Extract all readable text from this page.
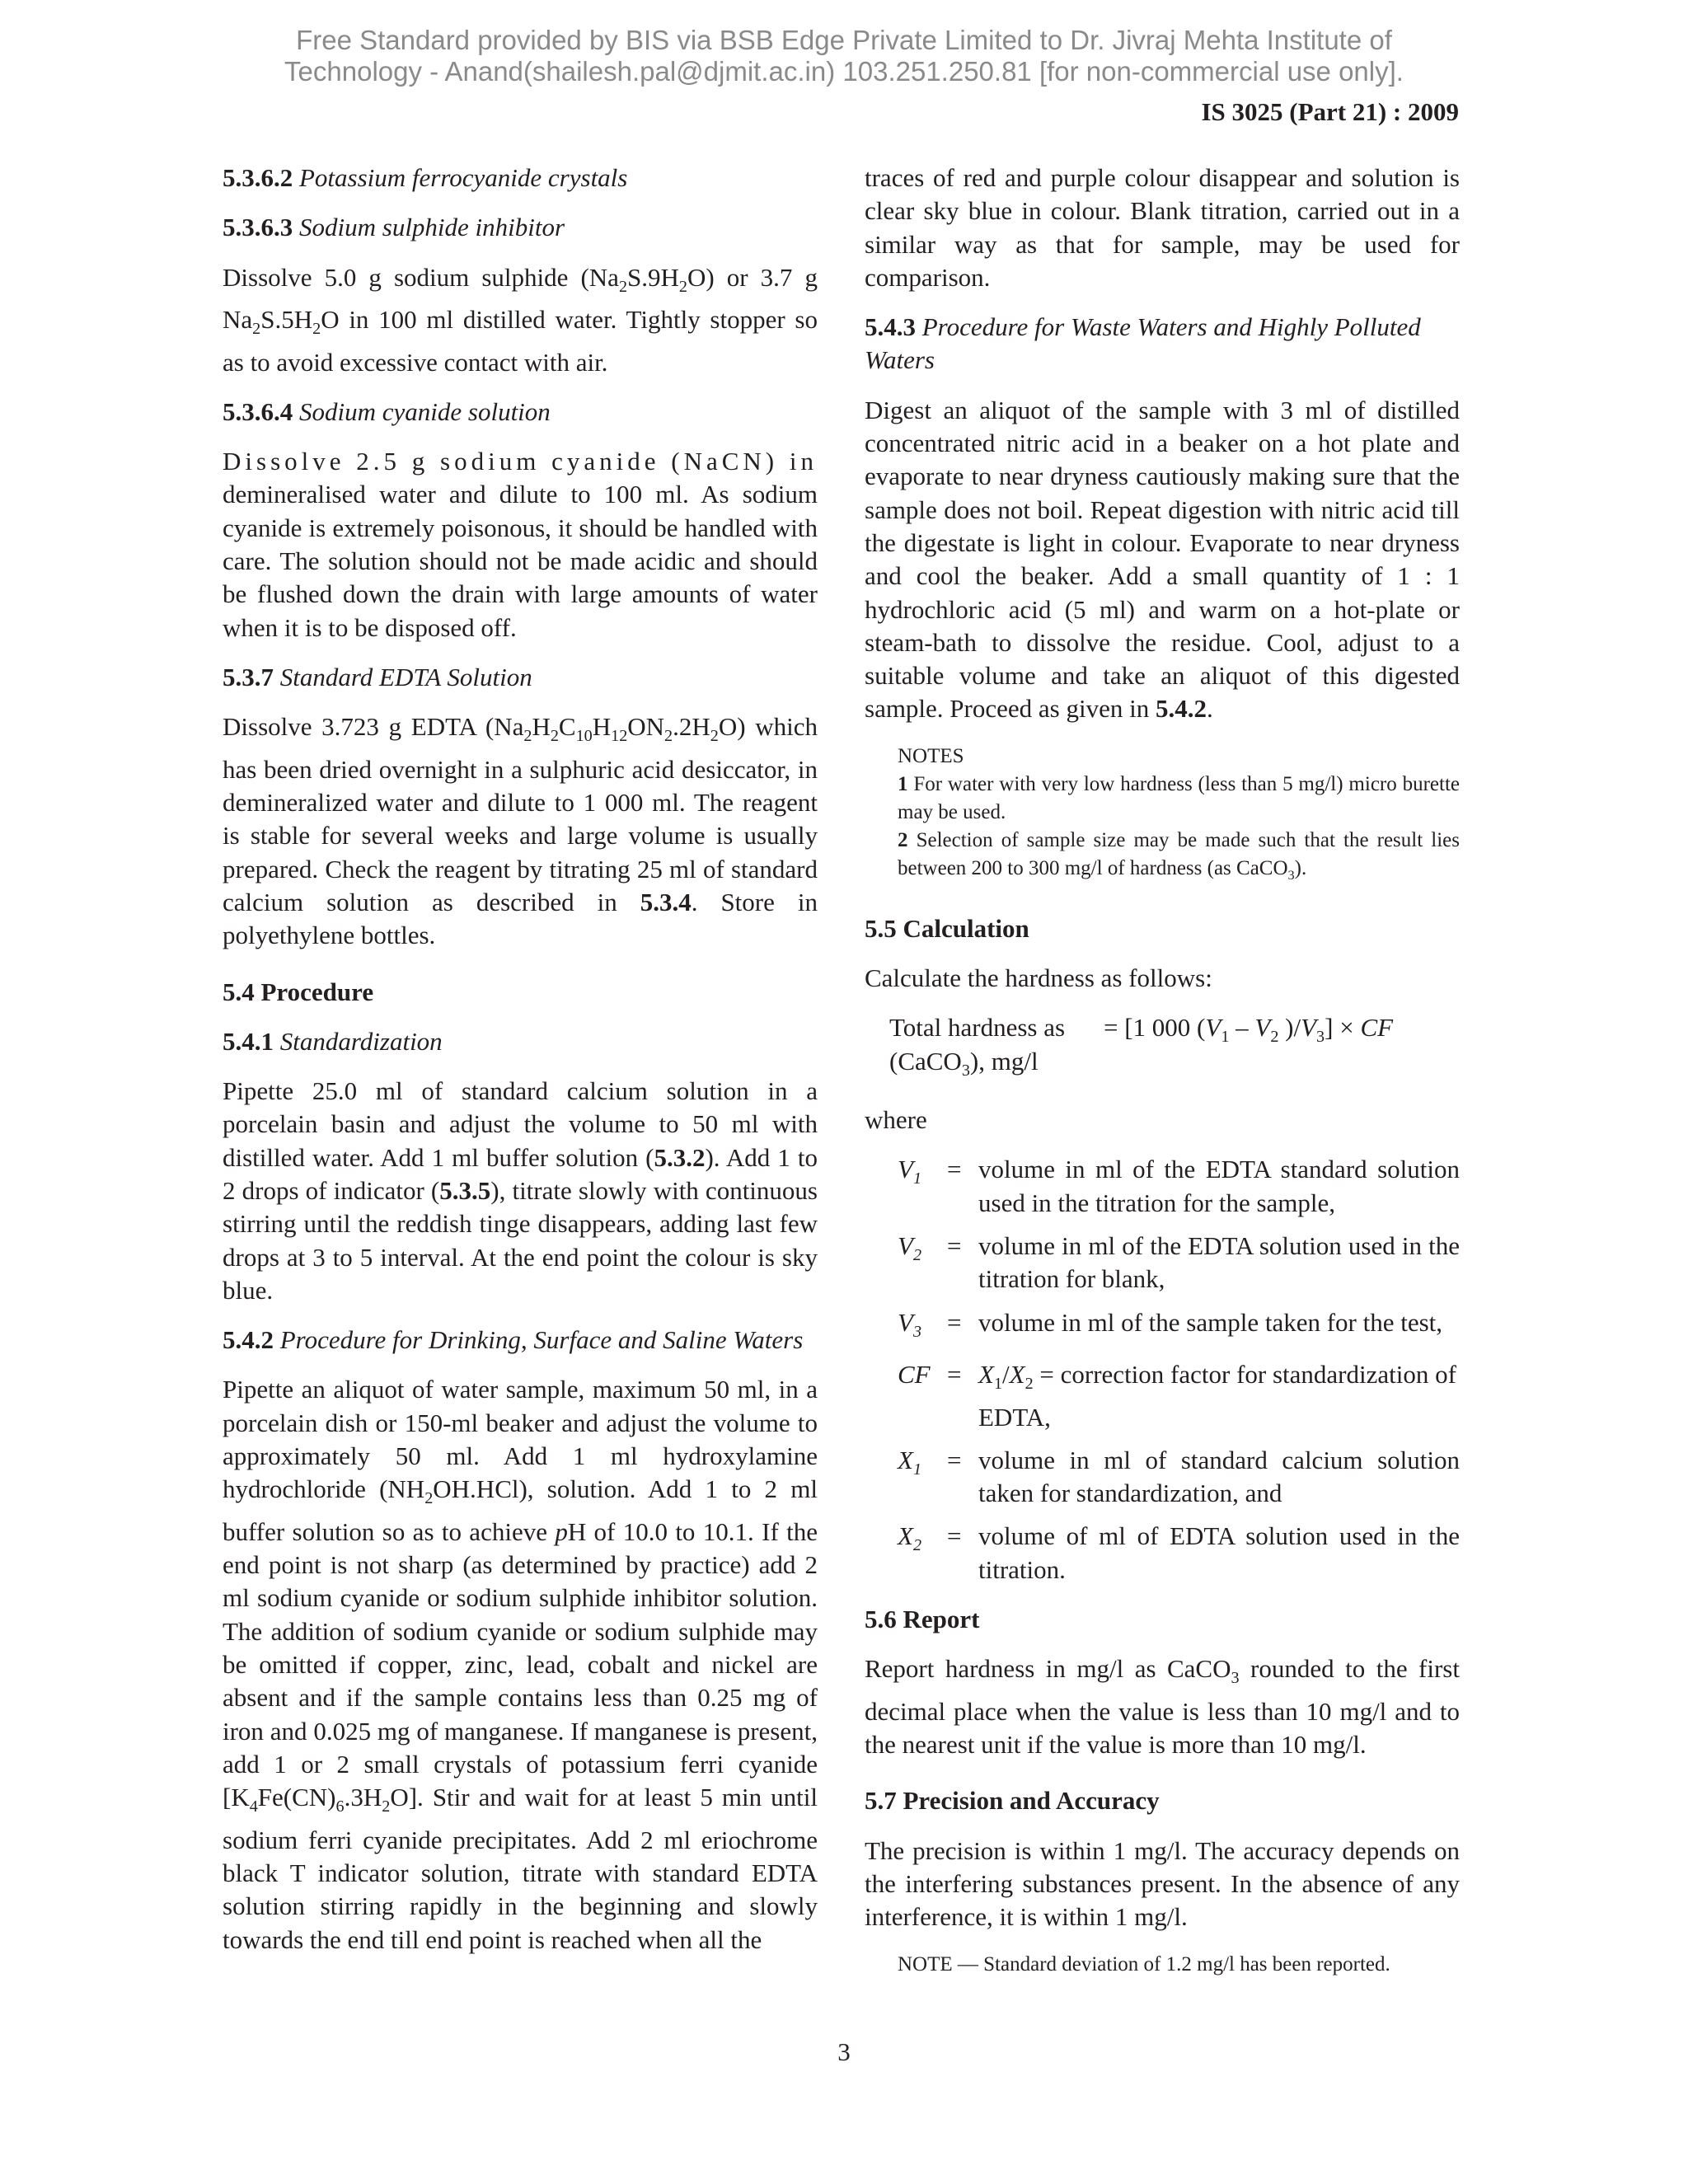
Free Standard provided by BIS via BSB Edge Private Limited to Dr. Jivraj Mehta Institute of
Technology - Anand(shailesh.pal@djmit.ac.in) 103.251.250.81 [for non-commercial use only].
IS 3025 (Part 21) : 2009

5.3.6.2 Potassium ferrocyanide crystals

5.3.6.3 Sodium sulphide inhibitor

Dissolve 5.0 g sodium sulphide $(Na_2S.9H_2O)$ or 3.7 g $Na_2S.5H_2O$ in 100 ml distilled water. Tightly stopper so as to avoid excessive contact with air.

5.3.6.4 Sodium cyanide solution

Dissolve 2.5 g sodium cyanide (NaCN) in demineralised water and dilute to 100 ml. As sodium cyanide is extremely poisonous, it should be handled with care. The solution should not be made acidic and should be flushed down the drain with large amounts of water when it is to be disposed off.

5.3.7 Standard EDTA Solution

Dissolve 3.723 g EDTA $(Na_2H_2C_{10}H_{12}ON_2.2H_2O)$ which has been dried overnight in a sulphuric acid desiccator, in demineralized water and dilute to 1 000 ml. The reagent is stable for several weeks and large volume is usually prepared. Check the reagent by titrating 25 ml of standard calcium solution as described in 5.3.4. Store in polyethylene bottles.

5.4 Procedure

5.4.1 Standardization

Pipette 25.0 ml of standard calcium solution in a porcelain basin and adjust the volume to 50 ml with distilled water. Add 1 ml buffer solution (5.3.2). Add 1 to 2 drops of indicator (5.3.5), titrate slowly with continuous stirring until the reddish tinge disappears, adding last few drops at 3 to 5 interval. At the end point the colour is sky blue.

5.4.2 Procedure for Drinking, Surface and Saline Waters

Pipette an aliquot of water sample, maximum 50 ml, in a porcelain dish or 150-ml beaker and adjust the volume to approximately 50 ml. Add 1 ml hydroxylamine hydrochloride $(NH_2OH.HCl)$, solution. Add 1 to 2 ml buffer solution so as to achieve pH of 10.0 to 10.1. If the end point is not sharp (as determined by practice) add 2 ml sodium cyanide or sodium sulphide inhibitor solution. The addition of sodium cyanide or sodium sulphide may be omitted if copper, zinc, lead, cobalt and nickel are absent and if the sample contains less than 0.25 mg of iron and 0.025 mg of manganese. If manganese is present, add 1 or 2 small crystals of potassium ferri cyanide $[K_4Fe(CN)_6.3H_2O]$. Stir and wait for at least 5 min until sodium ferri cyanide precipitates. Add 2 ml eriochrome black T indicator solution, titrate with standard EDTA solution stirring rapidly in the beginning and slowly towards the end till end point is reached when all the

traces of red and purple colour disappear and solution is clear sky blue in colour. Blank titration, carried out in a similar way as that for sample, may be used for comparison.

5.4.3 Procedure for Waste Waters and Highly Polluted Waters

Digest an aliquot of the sample with 3 ml of distilled concentrated nitric acid in a beaker on a hot plate and evaporate to near dryness cautiously making sure that the sample does not boil. Repeat digestion with nitric acid till the digestate is light in colour. Evaporate to near dryness and cool the beaker. Add a small quantity of 1 : 1 hydrochloric acid (5 ml) and warm on a hot-plate or steam-bath to dissolve the residue. Cool, adjust to a suitable volume and take an aliquot of this digested sample. Proceed as given in 5.4.2.

NOTES
1 For water with very low hardness (less than 5 mg/l) micro burette may be used.
2 Selection of sample size may be made such that the result lies between 200 to 300 mg/l of hardness (as CaCO$_3$).

5.5 Calculation

Calculate the hardness as follows:

Total hardness as
(CaCO$_3$), mg/l
= [1 000 ($V_1 - V_2$ )$/V_3$] × CF

where

$V_1$	=	volume in ml of the EDTA standard solution used in the titration for the sample,
$V_2$	=	volume in ml of the EDTA solution used in the titration for blank,
$V_3$	=	volume in ml of the sample taken for the test,
CF	=	$X_1/X_2$ = correction factor for standardization of EDTA,
$X_1$	=	volume in ml of standard calcium solution taken for standardization, and
$X_2$	=	volume of ml of EDTA solution used in the titration.

5.6 Report

Report hardness in mg/l as CaCO$_3$ rounded to the first decimal place when the value is less than 10 mg/l and to the nearest unit if the value is more than 10 mg/l.

5.7 Precision and Accuracy

The precision is within 1 mg/l. The accuracy depends on the interfering substances present. In the absence of any interference, it is within 1 mg/l.

NOTE — Standard deviation of 1.2 mg/l has been reported.

3
